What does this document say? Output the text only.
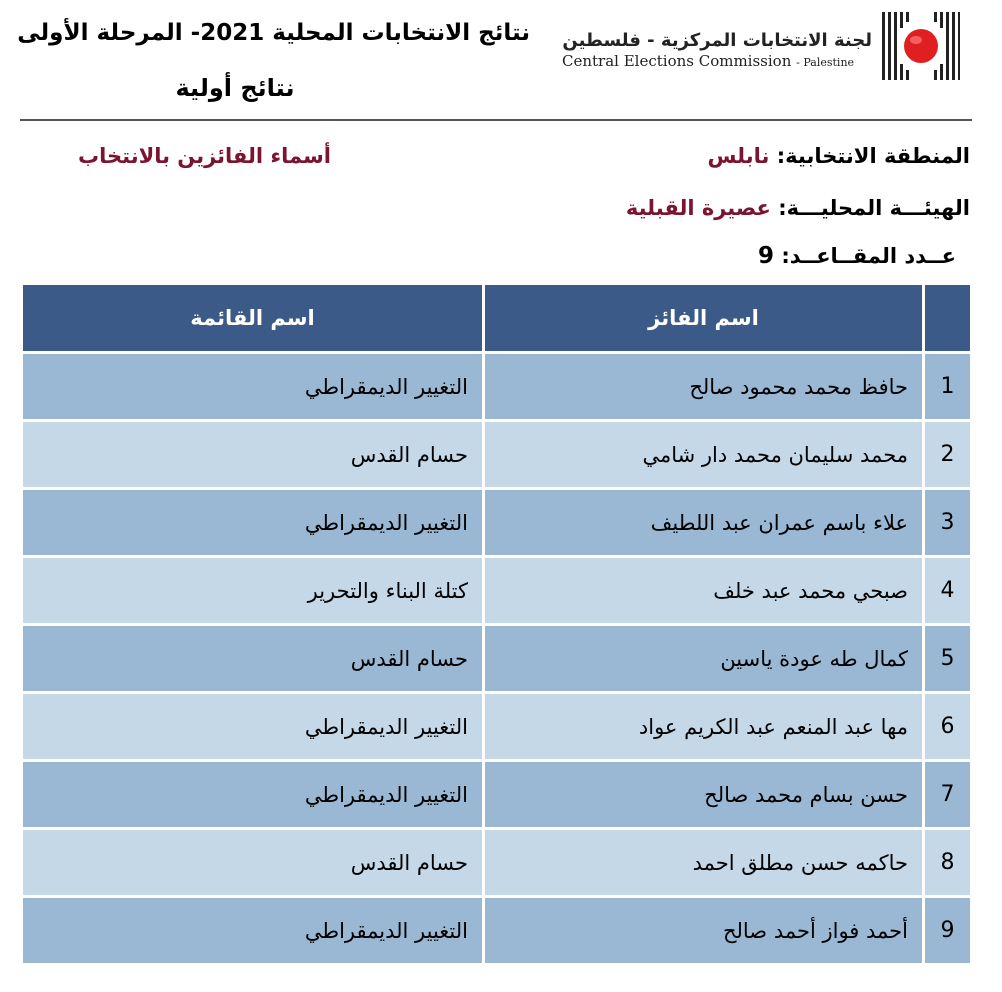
نتائج الانتخابات المحلية 2021- المرحلة الأولى
نتائج أولية
لجنة الانتخابات المركزية - فلسطين
Central Elections Commission - Palestine
المنطقة الانتخابية: نابلس
الهيئـــة المحليـــة: عصيرة القبلية
عــدد المقــاعــد: 9
أسماء الفائزين بالانتخاب
	اسم الفائز	اسم القائمة
1	حافظ محمد محمود صالح	التغيير الديمقراطي
2	محمد سليمان محمد دار شامي	حسام القدس
3	علاء باسم عمران عبد اللطيف	التغيير الديمقراطي
4	صبحي محمد عبد خلف	كتلة البناء والتحرير
5	كمال طه عودة ياسين	حسام القدس
6	مها عبد المنعم عبد الكريم عواد	التغيير الديمقراطي
7	حسن بسام محمد صالح	التغيير الديمقراطي
8	حاكمه حسن مطلق احمد	حسام القدس
9	أحمد فواز أحمد صالح	التغيير الديمقراطي
